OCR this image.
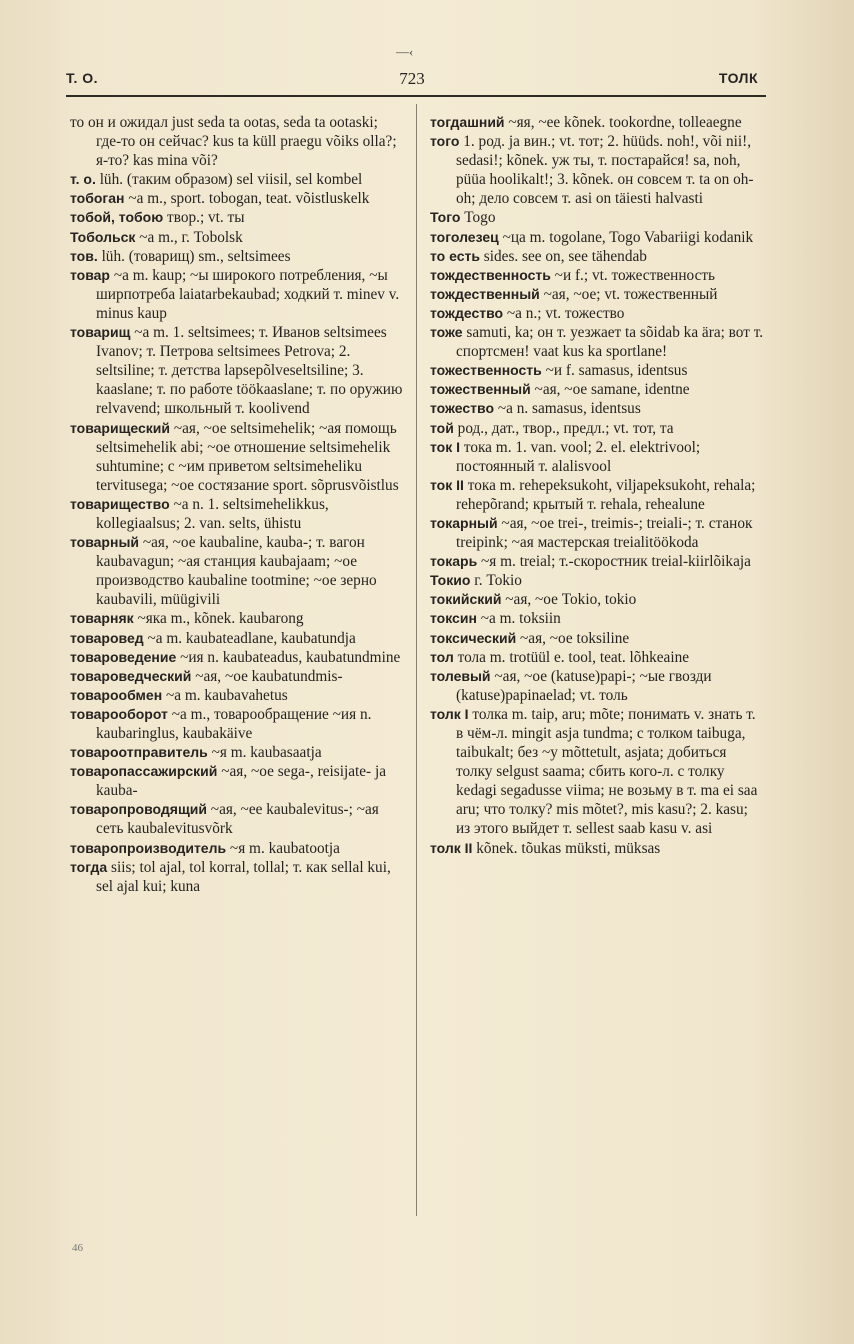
—‹
Т. О.	723	ТОЛК
то он и ожидал just seda ta ootas, seda ta ootaski; где-то он сейчас? kus ta küll praegu võiks olla?; я-то? kas mina või?
т. о. lüh. (таким образом) sel viisil, sel kombel
тобоган ~а m., sport. tobogan, teat. võistluskelk
тобой, тобою твор.; vt. ты
Тобольск ~а m., г. Tobolsk
тов. lüh. (товарищ) sm., seltsimees
товар ~а m. kaup; ~ы широкого потребления, ~ы ширпотреба laiatarbekaubad; ходкий т. minev v. minus kaup
товарищ ~а m. 1. seltsimees; т. Иванов seltsimees Ivanov; т. Петрова seltsimees Petrova; 2. seltsiline; т. детства lapsepõlveseltsiline; 3. kaaslane; т. по работе töökaaslane; т. по оружию relvavend; школьный т. koolivend
товарищеский ~ая, ~ое seltsimehelik; ~ая помощь seltsimehelik abi; ~ое отношение seltsimehelik suhtumine; с ~им приветом seltsimeheliku tervitusega; ~ое состязание sport. sõprusvõistlus
товарищество ~а n. 1. seltsimehelikkus, kollegiaalsus; 2. van. selts, ühistu
товарный ~ая, ~ое kaubaline, kauba-; т. вагон kaubavagun; ~ая станция kaubajaam; ~ое производство kaubaline tootmine; ~ое зерно kaubavili, müügivili
товарняк ~яка m., kõnek. kaubarong
товаровед ~а m. kaubateadlane, kaubatundja
товароведение ~ия n. kaubateadus, kaubatundmine
товароведческий ~ая, ~ое kaubatundmis-
товарообмен ~а m. kaubavahetus
товарооборот ~а m., товарообращение ~ия n. kaubaringlus, kaubakäive
товароотправитель ~я m. kaubasaatja
товаропассажирский ~ая, ~ое sega-, reisijate- ja kauba-
товаропроводящий ~ая, ~ее kaubalevitus-; ~ая сеть kaubalevitusvõrk
товаропроизводитель ~я m. kaubatootja
тогда siis; tol ajal, tol korral, tollal; т. как sellal kui, sel ajal kui; kuna
тогдашний ~яя, ~ее kõnek. tookordne, tolleaegne
того 1. род. ja вин.; vt. тот; 2. hüüds. noh!, või nii!, sedasi!; kõnek. уж ты, т. постарайся! sa, noh, püüa hoolikalt!; 3. kõnek. он совсем т. ta on oh-oh; дело совсем т. asi on täiesti halvasti
Того Togo
тоголезец ~ца m. togolane, Togo Vabariigi kodanik
то есть sides. see on, see tähendab
тождественность ~и f.; vt. тожественность
тождественный ~ая, ~ое; vt. тожественный
тождество ~а n.; vt. тожество
тоже samuti, ka; он т. уезжает ta sõidab ka ära; вот т. спортсмен! vaat kus ka sportlane!
тожественность ~и f. samasus, identsus
тожественный ~ая, ~ое samane, identne
тожество ~а n. samasus, identsus
той род., дат., твор., предл.; vt. тот, та
ток I тока m. 1. van. vool; 2. el. elektrivool; постоянный т. alalisvool
ток II тока m. rehepeksukoht, viljapeksukoht, rehala; rehepõrand; крытый т. rehala, rehealune
токарный ~ая, ~ое trei-, treimis-; treiali-; т. станок treipink; ~ая мастерская treialitöökoda
токарь ~я m. treial; т.-скоростник treial-kiirlõikaja
Токио г. Tokio
токийский ~ая, ~ое Tokio, tokio
токсин ~а m. toksiin
токсический ~ая, ~ое toksiline
тол тола m. trotüül e. tool, teat. lõhkeaine
толевый ~ая, ~ое (katuse)papi-; ~ые гвозди (katuse)papinaelad; vt. толь
толк I толка m. taip, aru; mõte; понимать v. знать т. в чём-л. mingit asja tundma; с толком taibuga, taibukalt; без ~у mõttetult, asjata; добиться толку selgust saama; сбить кого-л. с толку kedagi segadusse viima; не возьму в т. ma ei saa aru; что толку? mis mõtet?, mis kasu?; 2. kasu; из этого выйдет т. sellest saab kasu v. asi
толк II kõnek. tõukas müksti, müksas
46
